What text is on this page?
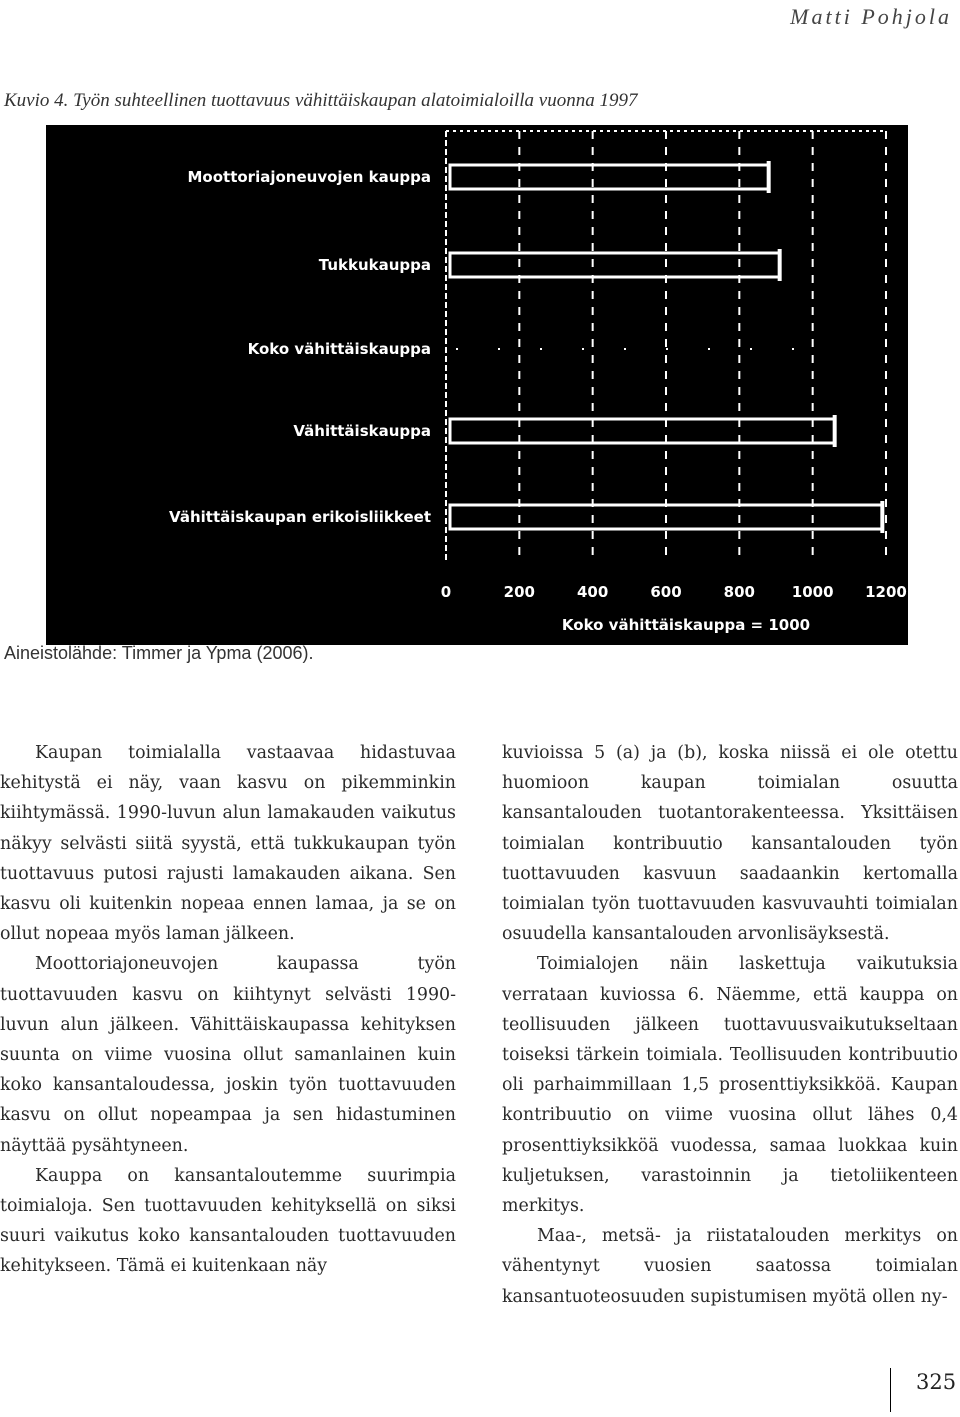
Matti Pohjola
Kuvio 4. Työn suhteellinen tuottavuus vähittäiskaupan alatoimialoilla vuonna 1997
Moottoriajoneuvojen kauppa
Tukkukauppa
Koko vähittäiskauppa
Vähittäiskauppa
Vähittäiskaupan erikoisliikkeet
0	200	400	600	800 1000 1200
Koko vähittäiskauppa = 1000
Aineistolähde: Timmer ja Ypma (2006).

Kaupan toimialalla vastaavaa hidastuvaa kehitystä ei näy, vaan kasvu on pikemminkin kiihtymässä. 1990-luvun alun lamakauden vaikutus näkyy selvästi siitä syystä, että tukkukaupan työn tuottavuus putosi rajusti lamakauden aikana. Sen kasvu oli kuitenkin nopeaa ennen lamaa, ja se on ollut nopeaa myös laman jälkeen.

Moottoriajoneuvojen kaupassa työn tuottavuuden kasvu on kiihtynyt selvästi 1990-luvun alun jälkeen. Vähittäiskaupassa kehityksen suunta on viime vuosina ollut samanlainen kuin koko kansantaloudessa, joskin työn tuottavuuden kasvu on ollut nopeampaa ja sen hidastuminen näyttää pysähtyneen.

Kauppa on kansantaloutemme suurimpia toimialoja. Sen tuottavuuden kehityksellä on siksi suuri vaikutus koko kansantalouden tuottavuuden kehitykseen. Tämä ei kuitenkaan näy

kuvioissa 5 (a) ja (b), koska niissä ei ole otettu huomioon kaupan toimialan osuutta kansantalouden tuotantorakenteessa. Yksittäisen toimialan kontribuutio kansantalouden työn tuottavuuden kasvuun saadaankin kertomalla toimialan työn tuottavuuden kasvuvauhti toimialan osuudella kansantalouden arvonlisäyksestä.

Toimialojen näin laskettuja vaikutuksia verrataan kuviossa 6. Näemme, että kauppa on teollisuuden jälkeen tuottavuusvaikutukseltaan toiseksi tärkein toimiala. Teollisuuden kontribuutio oli parhaimmillaan 1,5 prosenttiyksikköä. Kaupan kontribuutio on viime vuosina ollut lähes 0,4 prosenttiyksikköä vuodessa, samaa luokkaa kuin kuljetuksen, varastoinnin ja tietoliikenteen merkitys.

Maa-, metsä- ja riistatalouden merkitys on vähentynyt vuosien saatossa toimialan kansantuoteosuuden supistumisen myötä ollen ny-

325
